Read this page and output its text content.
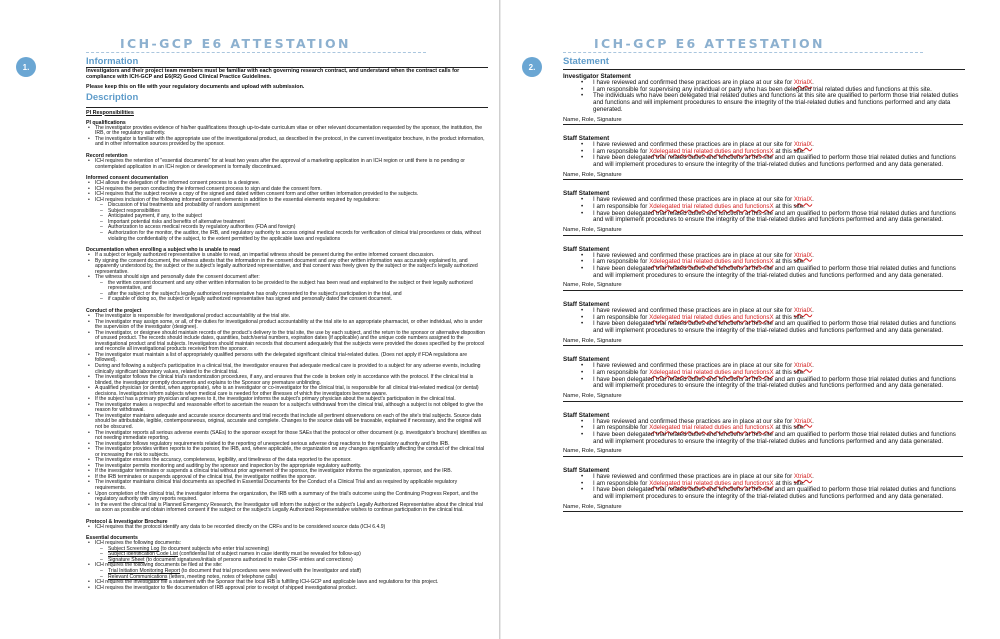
ICH-GCP E6 ATTESTATION
1.	Information
Investigators and their project team members must be familiar with each governing research contract, and understand when the contract calls for compliance with ICH-GCP and E6(R2) Good Clinical Practice Guidelines.
Please keep this on file with your regulatory documents and upload with submission.
Description
PI Responsibilities
PI qualifications
• The investigator provides evidence of his/her qualifications through up-to-date curriculum vitae or other relevant documentation requested by the sponsor, the institution, the IRB, or the regulatory authority.
• The investigator is familiar with the appropriate use of the investigational product, as described in the protocol, in the current investigator brochure, in the product information, and in other information sources provided by the sponsor.
Record retention
• ICH requires the retention of "essential documents" for at least two years after the approval of a marketing application in an ICH region or until there is no pending or contemplated application in an ICH region or development is formally discontinued.
Informed consent documentation
• ICH allows the delegation of the informed consent process to a designee.
• ICH requires the person conducting the informed consent process to sign and date the consent form.
• ICH requires that the subject receive a copy of the signed and dated written consent form and other written information provided to the subjects.
• ICH requires inclusion of the following informed consent elements in addition to the essential elements required by regulations:
– Discussion of trial treatments and probability of random assignment
– Subject responsibilities
– Anticipated payment, if any, to the subject
– Important potential risks and benefits of alternative treatment
– Authorization to access medical records by regulatory authorities (FDA and foreign)
– Authorization for the monitor, the auditor, the IRB, and regulatory authority to access original medical records for verification of clinical trial procedures or data, without violating the confidentiality of the subject, to the extent permitted by the applicable laws and regulations
Documentation when enrolling a subject who is unable to read
• If a subject or legally authorized representative is unable to read, an impartial witness should be present during the entire informed consent discussion.
• By signing the consent document, the witness attests that the information in the consent document and any other written information was accurately explained to, and apparently understood by, the subject or the subject's legally authorized representative, and that consent was freely given by the subject or the subject's legally authorized representative.
• The witness should sign and personally date the consent document after:
– the written consent document and any other written information to be provided to the subject has been read and explained to the subject or their legally authorized representative, and
– after the subject or the subject's legally authorized representative has orally consented to the subject's participation in the trial, and
– if capable of doing so, the subject or legally authorized representative has signed and personally dated the consent document.
Conduct of the project
• The investigator is responsible for investigational product accountability at the trial site.
• The investigator may assign some, or all, of the duties for investigational product accountability at the trial site to an appropriate pharmacist, or other individual, who is under the supervision of the investigator (designee).
• The investigator, or designee should maintain records of the product's delivery to the trial site, the use by each subject, and the return to the sponsor or alternative disposition of unused product. The records should include dates, quantities, batch/serial numbers, expiration dates (if applicable) and the unique code numbers assigned to the investigational product and trial subjects. Investigators should maintain records that document adequately that the subjects were provided the doses specified by the protocol and reconcile all investigational products received from the sponsor.
• The investigator must maintain a list of appropriately qualified persons with the delegated significant clinical trial-related duties. (Does not apply if FDA regulations are followed).
• During and following a subject's participation in a clinical trial, the investigator ensures that adequate medical care is provided to a subject for any adverse events, including clinically significant laboratory values, related to the clinical trial.
• The investigator follows the clinical trial's randomization procedures, if any, and ensures that the code is broken only in accordance with the protocol. If the clinical trial is blinded, the investigator promptly documents and explains to the Sponsor any premature unblinding.
• A qualified physician (or dentist, when appropriate), who is an investigator or co-investigator for the clinical trial, is responsible for all clinical trial-related medical (or dental) decisions. Investigators inform subjects when medical care is needed for other illnesses of which the investigators become aware.
• If the subject has a primary physician and agrees to it, the investigator informs the subject's primary physician about the subject's participation in the clinical trial.
• The investigator makes a respectful and reasonable effort to ascertain the reason for a subject's withdrawal from the clinical trial, although a subject is not obliged to give the reason for withdrawal.
• The investigator maintains adequate and accurate source documents and trial records that include all pertinent observations on each of the site's trial subjects. Source data should be attributable, legible, contemporaneous, original, accurate and complete. Changes to the source data will be traceable, explained if necessary, and the original will not be obscured.
• The investigator reports all serious adverse events (SAEs) to the sponsor except for those SAEs that the protocol or other document (e.g. investigator's brochure) identifies as not needing immediate reporting.
• The investigator follows regulatory requirements related to the reporting of unexpected serious adverse drug reactions to the regulatory authority and the IRB.
• The investigator provides written reports to the sponsor, the IRB, and, where applicable, the organization on any changes significantly affecting the conduct of the clinical trial or increasing the risk to subjects.
• The investigator ensures the accuracy, completeness, legibility, and timeliness of the data reported to the sponsor.
• The investigator permits monitoring and auditing by the sponsor and inspection by the appropriate regulatory authority.
• If the investigator terminates or suspends a clinical trial without prior agreement of the sponsor, the investigator informs the organization, sponsor, and the IRB.
• If the IRB terminates or suspends approval of the clinical trial, the investigator notifies the sponsor.
• The investigator maintains clinical trial documents as specified in Essential Documents for the Conduct of a Clinical Trial and as required by applicable regulatory requirements.
• Upon completion of the clinical trial, the investigator informs the organization, the IRB with a summary of the trial's outcome using the Continuing Progress Report, and the regulatory authority with any reports required.
• In the event the clinical trial is Planned Emergency Research, the Investigator will inform the subject or the subject's Legally Authorized Representative about the clinical trial as soon as possible and obtain informed consent if the subject or the subject's Legally Authorized Representative wishes to continue participation in the clinical trial.
Protocol & Investigator Brochure
• ICH requires that the protocol identify any data to be recorded directly on the CRFs and to be considered source data (ICH 6.4.9)
Essential documents
• ICH requires the following documents:
– Subject Screening Log (to document subjects who enter trial screening)
– Subject Identification Code List (confidential list of subject names in case identity must be revealed for follow-up)
– Signature Sheet (to document signatures/initials of persons authorized to make CRF entries and corrections)
• ICH requires the following documents be filed at the site:
– Trial Initiation Monitoring Report (to document that trial procedures were reviewed with the Investigator and staff)
– Relevant Communications (letters, meeting notes, notes of telephone calls)
• ICH requires the investigator file a statement with the Sponsor that the local IRB is fulfilling ICH-GCP and applicable laws and regulations for this project.
• ICH requires the investigator to file documentation of IRB approval prior to receipt of shipped investigational product.
ICH-GCP E6 ATTESTATION
2.	Statement
Investigator Statement
• I have reviewed and confirmed these practices are in place at our site for XtrialX.
• I am responsible for supervising any individual or party who has been delegated trial related duties and functions at this site.
• The individuals who have been delegated trial related duties and functions at this site are qualified to perform those trial related duties and functions and will implement procedures to ensure the integrity of the trial-related duties and functions performed and any data generated.
Name, Role, Signature
Staff Statement
• I have reviewed and confirmed these practices are in place at our site for XtrialX.
• I am responsible for Xdelegated trial related duties and functionsX at this site.
• I have been delegated trial related duties and functions at this site and am qualified to perform those trial related duties and functions and will implement procedures to ensure the integrity of the trial-related duties and functions performed and any data generated.
Name, Role, Signature
Staff Statement
• I have reviewed and confirmed these practices are in place at our site for XtrialX.
• I am responsible for Xdelegated trial related duties and functionsX at this site.
• I have been delegated trial related duties and functions at this site and am qualified to perform those trial related duties and functions and will implement procedures to ensure the integrity of the trial-related duties and functions performed and any data generated.
Name, Role, Signature
Staff Statement
• I have reviewed and confirmed these practices are in place at our site for XtrialX.
• I am responsible for Xdelegated trial related duties and functionsX at this site.
• I have been delegated trial related duties and functions at this site and am qualified to perform those trial related duties and functions and will implement procedures to ensure the integrity of the trial-related duties and functions performed and any data generated.
Name, Role, Signature
Staff Statement
• I have reviewed and confirmed these practices are in place at our site for XtrialX.
• I am responsible for Xdelegated trial related duties and functionsX at this site.
• I have been delegated trial related duties and functions at this site and am qualified to perform those trial related duties and functions and will implement procedures to ensure the integrity of the trial-related duties and functions performed and any data generated.
Name, Role, Signature
Staff Statement
• I have reviewed and confirmed these practices are in place at our site for XtrialX.
• I am responsible for Xdelegated trial related duties and functionsX at this site.
• I have been delegated trial related duties and functions at this site and am qualified to perform those trial related duties and functions and will implement procedures to ensure the integrity of the trial-related duties and functions performed and any data generated.
Name, Role, Signature
Staff Statement
• I have reviewed and confirmed these practices are in place at our site for XtrialX.
• I am responsible for Xdelegated trial related duties and functionsX at this site.
• I have been delegated trial related duties and functions at this site and am qualified to perform those trial related duties and functions and will implement procedures to ensure the integrity of the trial-related duties and functions performed and any data generated.
Name, Role, Signature
Staff Statement
• I have reviewed and confirmed these practices are in place at our site for XtrialX.
• I am responsible for Xdelegated trial related duties and functionsX at this site.
• I have been delegated trial related duties and functions at this site and am qualified to perform those trial related duties and functions and will implement procedures to ensure the integrity of the trial-related duties and functions performed and any data generated.
Name, Role, Signature
